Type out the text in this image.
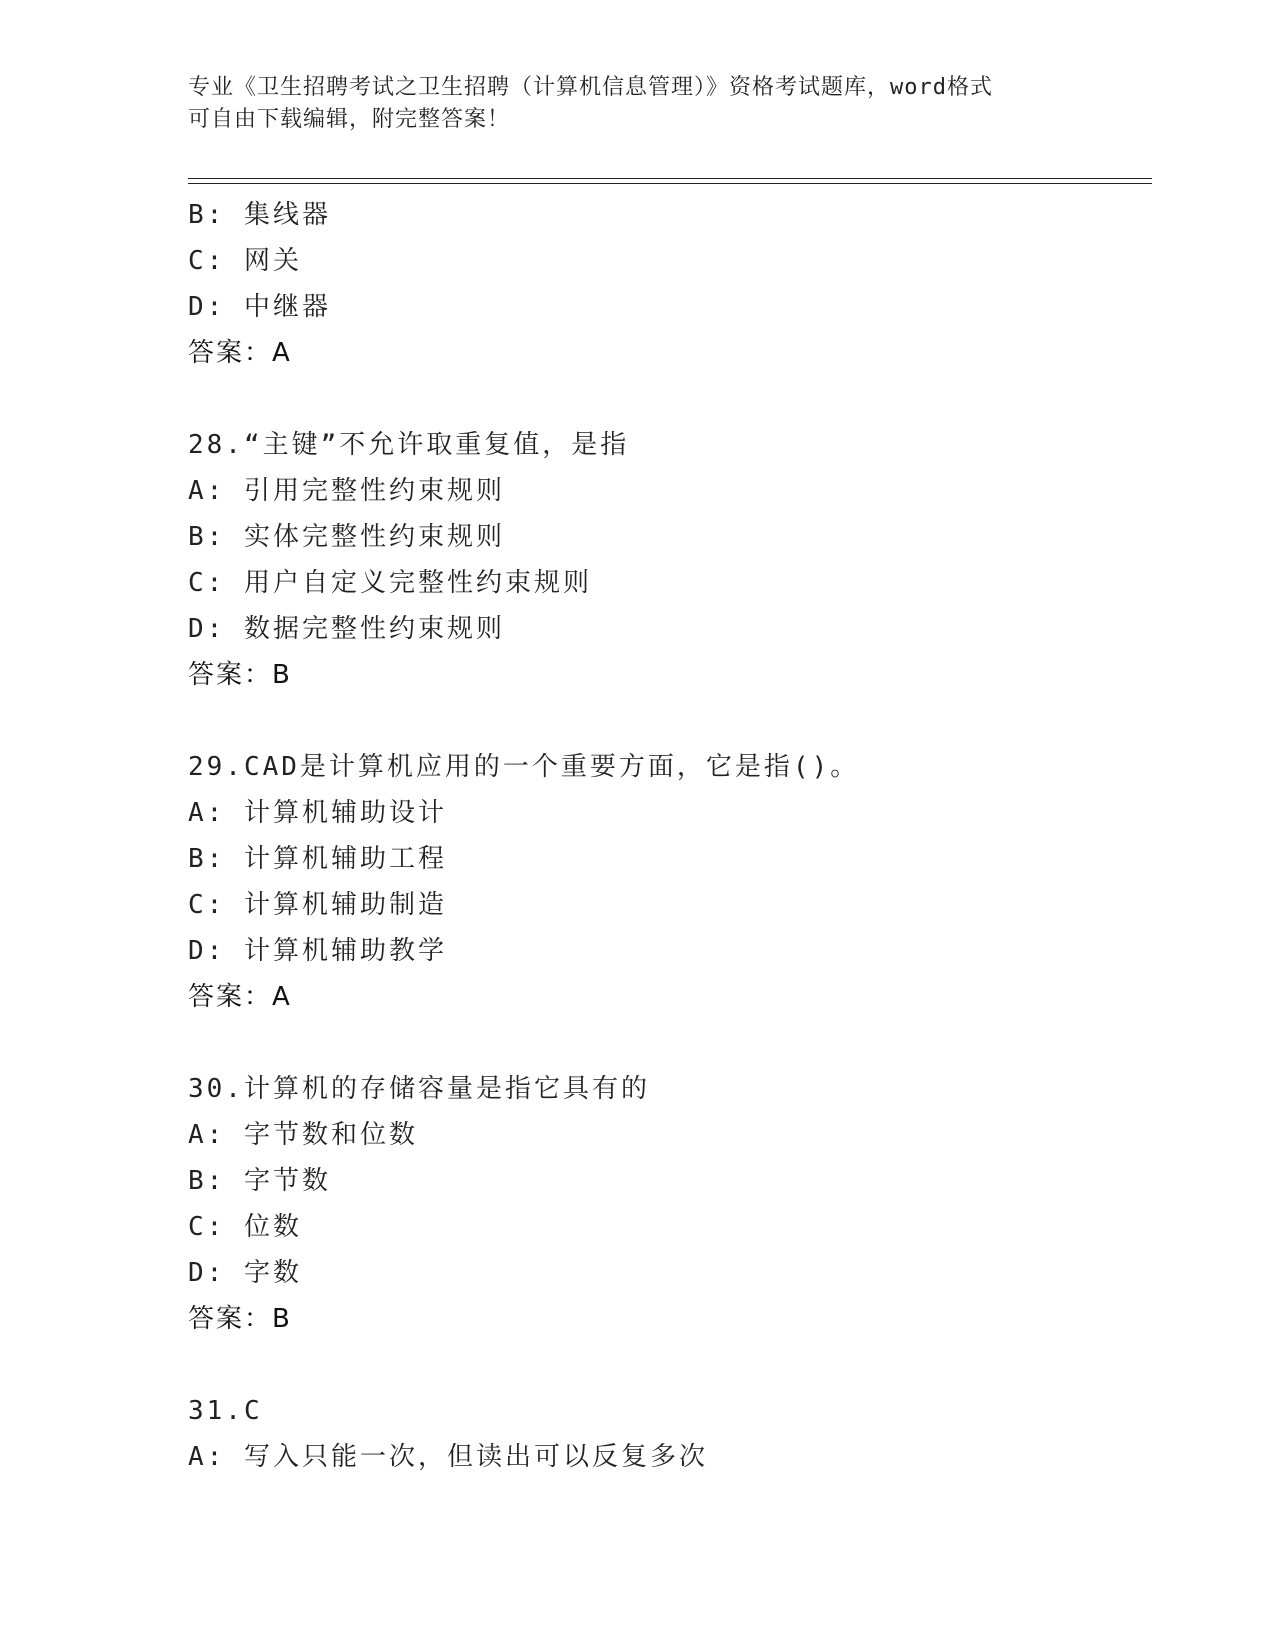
专业《卫生招聘考试之卫生招聘（计算机信息管理）》资格考试题库，word格式
可自由下载编辑，附完整答案！
B: 集线器
C: 网关
D: 中继器
答案：A
28.“主键”不允许取重复值，是指
A: 引用完整性约束规则
B: 实体完整性约束规则
C: 用户自定义完整性约束规则
D: 数据完整性约束规则
答案：B
29.CAD是计算机应用的一个重要方面，它是指()。
A: 计算机辅助设计
B: 计算机辅助工程
C: 计算机辅助制造
D: 计算机辅助教学
答案：A
30.计算机的存储容量是指它具有的
A: 字节数和位数
B: 字节数
C: 位数
D: 字数
答案：B
31.C
A: 写入只能一次，但读出可以反复多次
